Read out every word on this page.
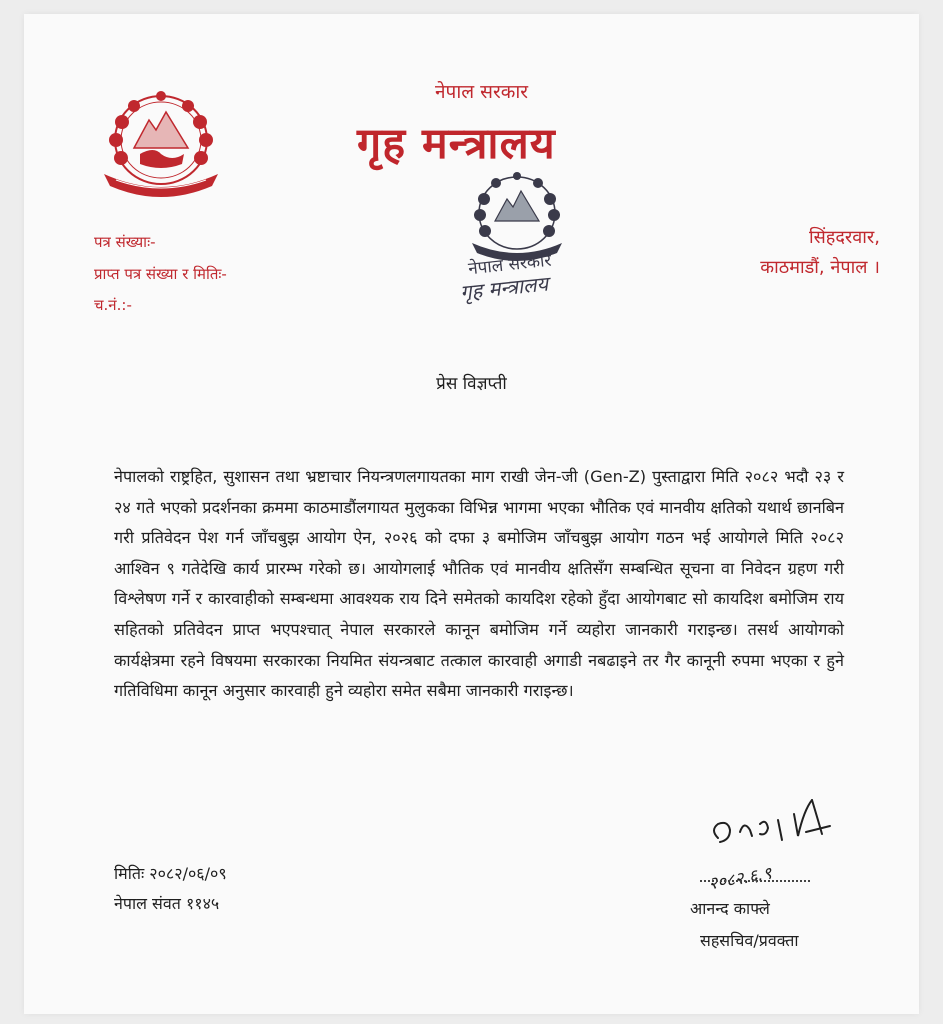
नेपाल सरकार
गृह मन्त्रालय
नेपाल सरकार
गृह मन्त्रालय
पत्र संख्याः-
प्राप्त पत्र संख्या र मितिः-
च.नं.:-
सिंहदरवार,
काठमाडौं, नेपाल ।
प्रेस विज्ञप्ती
नेपालको राष्ट्रहित, सुशासन तथा भ्रष्टाचार नियन्त्रणलगायतका माग राखी जेन-जी (Gen-Z) पुस्ताद्वारा मिति २०८२ भदौ २३ र २४ गते भएको प्रदर्शनका क्रममा काठमाडौंलगायत मुलुकका विभिन्न भागमा भएका भौतिक एवं मानवीय क्षतिको यथार्थ छानबिन गरी प्रतिवेदन पेश गर्न जाँचबुझ आयोग ऐन, २०२६ को दफा ३ बमोजिम जाँचबुझ आयोग गठन भई आयोगले मिति २०८२ आश्विन ९ गतेदेखि कार्य प्रारम्भ गरेको छ। आयोगलाई भौतिक एवं मानवीय क्षतिसँग सम्बन्धित सूचना वा निवेदन ग्रहण गरी विश्लेषण गर्ने र कारवाहीको सम्बन्धमा आवश्यक राय दिने समेतको कायदिश रहेको हुँदा आयोगबाट सो कायदिश बमोजिम राय सहितको प्रतिवेदन प्राप्त भएपश्चात् नेपाल सरकारले कानून बमोजिम गर्ने व्यहोरा जानकारी गराइन्छ। तसर्थ आयोगको कार्यक्षेत्रमा रहने विषयमा सरकारका नियमित संयन्त्रबाट तत्काल कारवाही अगाडी नबढाइने तर गैर कानूनी रुपमा भएका र हुने गतिविधिमा कानून अनुसार कारवाही हुने व्यहोरा समेत सबैमा जानकारी गराइन्छ।
मितिः २०८२/०६/०९
नेपाल संवत ११४५
२०८२.६.९
आनन्द काफ्ले
सहसचिव/प्रवक्ता
